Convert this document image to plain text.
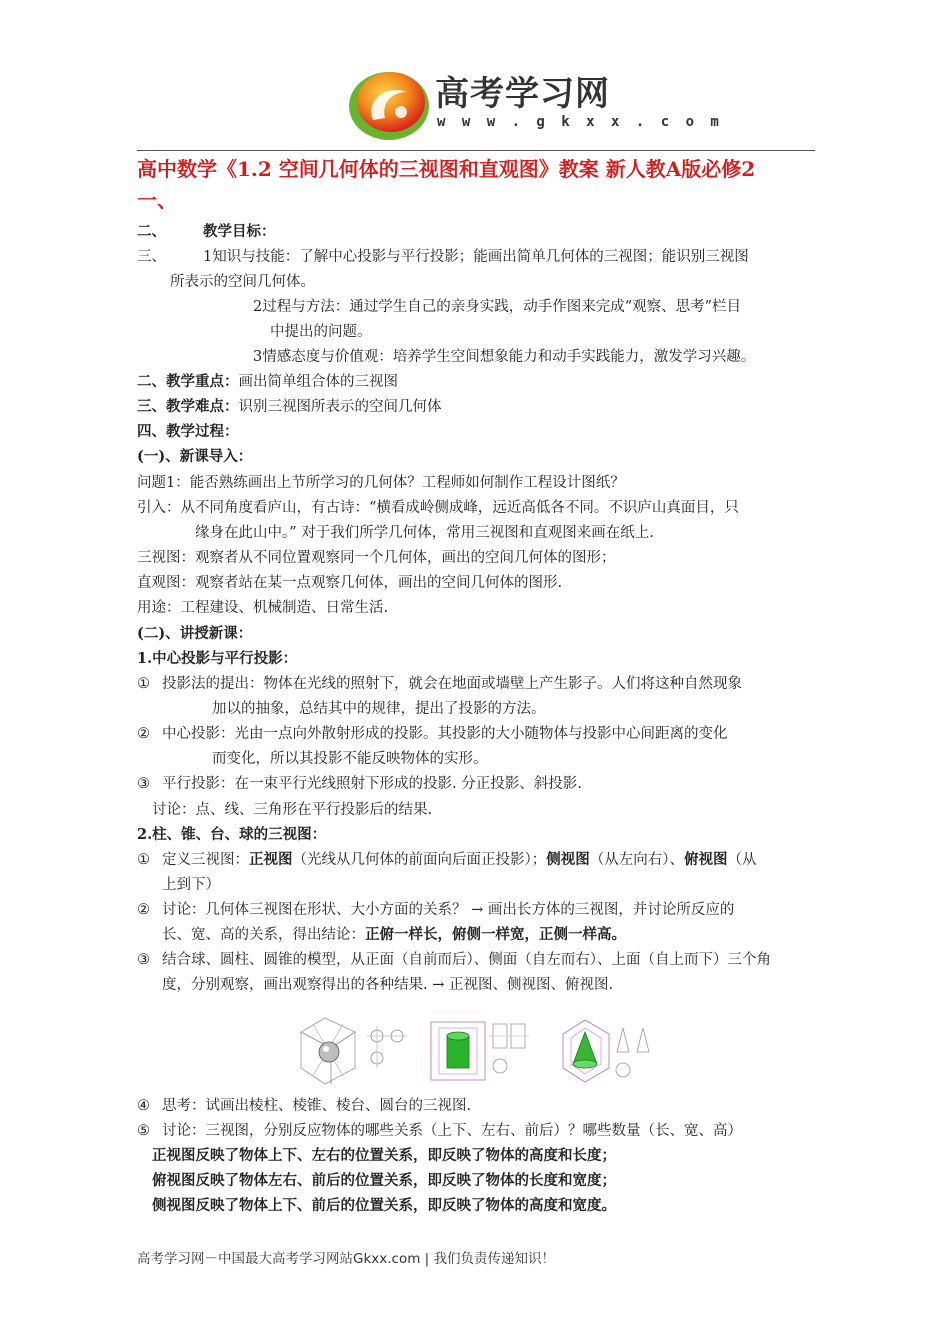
高考学习网
w w w . g k x x . c o m
高中数学《1.2 空间几何体的三视图和直观图》教案 新人教A版必修2
一、
二、	教学目标：
三、	1知识与技能：了解中心投影与平行投影；能画出简单几何体的三视图；能识别三视图
所表示的空间几何体。
2过程与方法：通过学生自己的亲身实践，动手作图来完成“观察、思考”栏目
中提出的问题。
3情感态度与价值观：培养学生空间想象能力和动手实践能力，激发学习兴趣。
二、教学重点：画出简单组合体的三视图
三、教学难点：识别三视图所表示的空间几何体
四、教学过程：
(一)、新课导入：
问题1：能否熟练画出上节所学习的几何体？工程师如何制作工程设计图纸？
引入：从不同角度看庐山，有古诗：“横看成岭侧成峰，远近高低各不同。不识庐山真面目，只
缘身在此山中。” 对于我们所学几何体，常用三视图和直观图来画在纸上.
三视图：观察者从不同位置观察同一个几何体，画出的空间几何体的图形；
直观图：观察者站在某一点观察几何体，画出的空间几何体的图形.
用途：工程建设、机械制造、日常生活.
(二)、讲授新课：
1.中心投影与平行投影：
① 投影法的提出：物体在光线的照射下，就会在地面或墙壁上产生影子。人们将这种自然现象
加以的抽象，总结其中的规律，提出了投影的方法。
② 中心投影：光由一点向外散射形成的投影。其投影的大小随物体与投影中心间距离的变化
而变化，所以其投影不能反映物体的实形。
③ 平行投影：在一束平行光线照射下形成的投影. 分正投影、斜投影.
讨论：点、线、三角形在平行投影后的结果.
2.柱、锥、台、球的三视图：
① 定义三视图：正视图（光线从几何体的前面向后面正投影）；侧视图（从左向右）、俯视图（从
上到下）
② 讨论：几何体三视图在形状、大小方面的关系？ → 画出长方体的三视图，并讨论所反应的
长、宽、高的关系，得出结论：正俯一样长，俯侧一样宽，正侧一样高。
③ 结合球、圆柱、圆锥的模型，从正面（自前而后）、侧面（自左而右）、上面（自上而下）三个角
度，分别观察，画出观察得出的各种结果. → 正视图、侧视图、俯视图.
④ 思考：试画出棱柱、棱锥、棱台、圆台的三视图.
⑤ 讨论：三视图，分别反应物体的哪些关系（上下、左右、前后）？哪些数量（长、宽、高）
正视图反映了物体上下、左右的位置关系，即反映了物体的高度和长度；
俯视图反映了物体左右、前后的位置关系，即反映了物体的长度和宽度；
侧视图反映了物体上下、前后的位置关系，即反映了物体的高度和宽度。
高考学习网－中国最大高考学习网站Gkxx.com | 我们负责传递知识！
